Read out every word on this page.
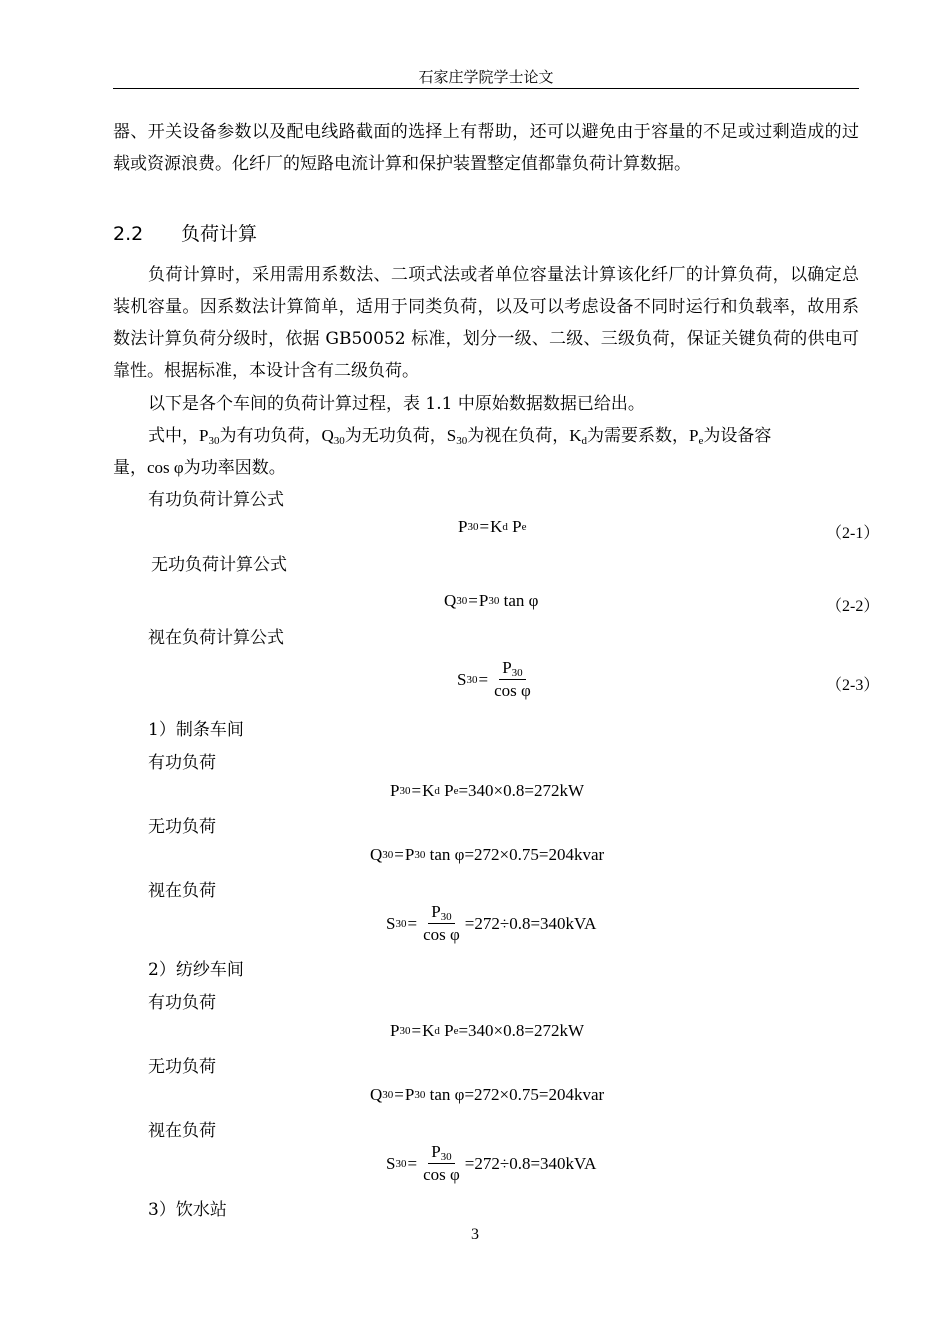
石家庄学院学士论文

器、开关设备参数以及配电线路截面的选择上有帮助，还可以避免由于容量的不足或过剩造成的过载或资源浪费。化纤厂的短路电流计算和保护装置整定值都靠负荷计算数据。

2.2 负荷计算

负荷计算时，采用需用系数法、二项式法或者单位容量法计算该化纤厂的计算负荷，以确定总装机容量。因系数法计算简单，适用于同类负荷，以及可以考虑设备不同时运行和负载率，故用系数法计算负荷分级时，依据 GB50052 标准，划分一级、二级、三级负荷，保证关键负荷的供电可靠性。根据标准，本设计含有二级负荷。

以下是各个车间的负荷计算过程，表 1.1 中原始数据数据已给出。
式中，$P_{30}$为有功负荷，$Q_{30}$为无功负荷，$S_{30}$为视在负荷，$K_d$为需要系数，$P_e$为设备容
量，cos φ为功率因数。
有功负荷计算公式
P 30 = K d P e	（2-1）
无功负荷计算公式
Q 30 = P 30 tan φ	（2-2）
视在负荷计算公式
S $30 = \frac{P_{30}}{\text{cos φ}}$	（2-3）
1）制条车间
有功负荷
P 30 = K d P e =340×0.8=272kW
无功负荷
Q 30 = P 30 tan φ =272×0.75=204kvar
视在负荷
S $30 = \frac{P_{30}}{\text{cos φ}} =272\div 0.8=340kVA$
2）纺纱车间
有功负荷
P 30 = K d P e =340×0.8=272kW
无功负荷
Q 30 = P 30 tan φ =272×0.75=204kvar
视在负荷
S $30 = \frac{P_{30}}{\text{cos φ}} =272\div 0.8=340kVA$
3）饮水站
3
